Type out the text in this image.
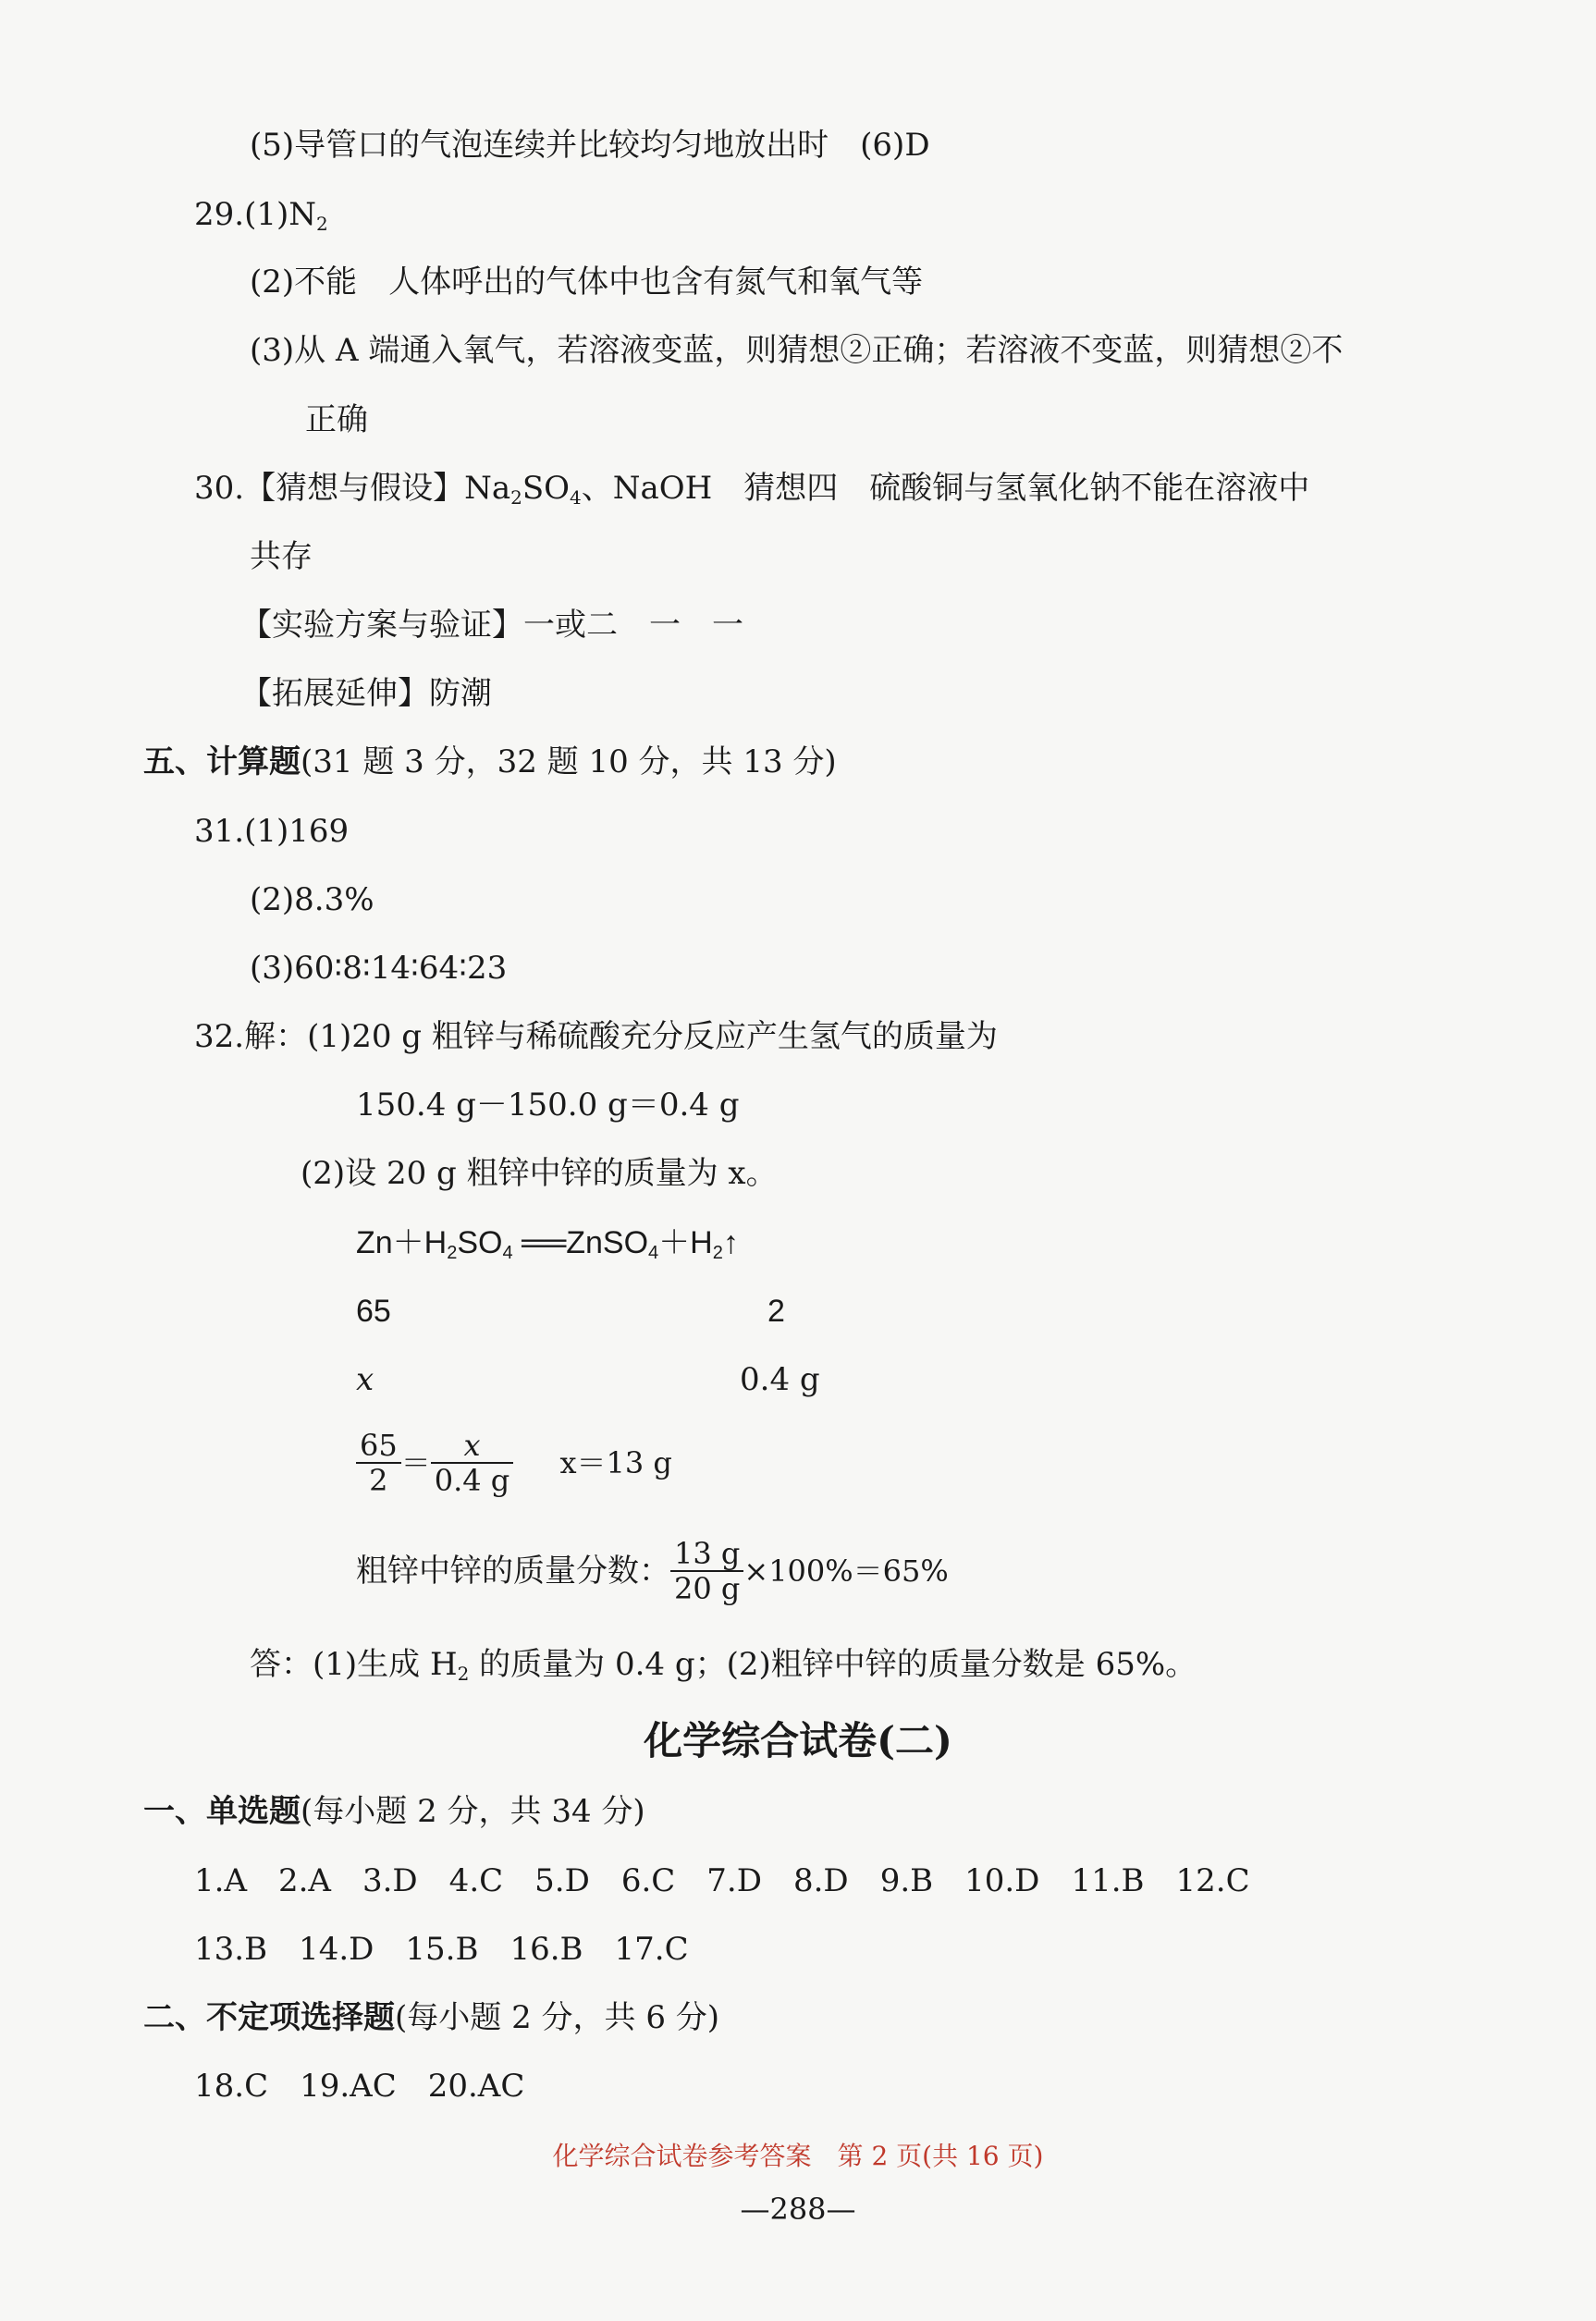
(5)导管口的气泡连续并比较均匀地放出时　(6)D
$29.(1)N_2$
(2)不能　人体呼出的气体中也含有氮气和氧气等
(3)从 A 端通入氧气，若溶液变蓝，则猜想②正确；若溶液不变蓝，则猜想②不
正确
30.【猜想与假设】$Na_2SO_4$、NaOH　猜想四　硫酸铜与氢氧化钠不能在溶液中
共存
【实验方案与验证】一或二　一　一
【拓展延伸】防潮
五、计算题(31 题 3 分，32 题 10 分，共 13 分)
31.(1)169
(2)8.3%
(3)60∶8∶14∶64∶23
32.解：(1)20 g 粗锌与稀硫酸充分反应产生氢气的质量为
150.4 g－150.0 g＝0.4 g
(2)设 20 g 粗锌中锌的质量为 x。
$Zn+H_2SO_4$ $══ZnSO_4+H_2↑$
65	2
x	0.4 g
$\frac{65}{2} = \frac{x}{0.4 g} x=13$ g
粗锌中锌的质量分数： $\frac{13 g}{20 g} \times 100\%=65\%$
答：(1)生成 $H_2$ 的质量为 0.4 g；(2)粗锌中锌的质量分数是 65%。
化学综合试卷(二)
一、单选题(每小题 2 分，共 34 分)
1.A　2.A　3.D　4.C　5.D　6.C　7.D　8.D　9.B　10.D　11.B　12.C
13.B　14.D　15.B　16.B　17.C
二、不定项选择题(每小题 2 分，共 6 分)
18.C　19.AC　20.AC
化学综合试卷参考答案　第 2 页(共 16 页)
—288—
